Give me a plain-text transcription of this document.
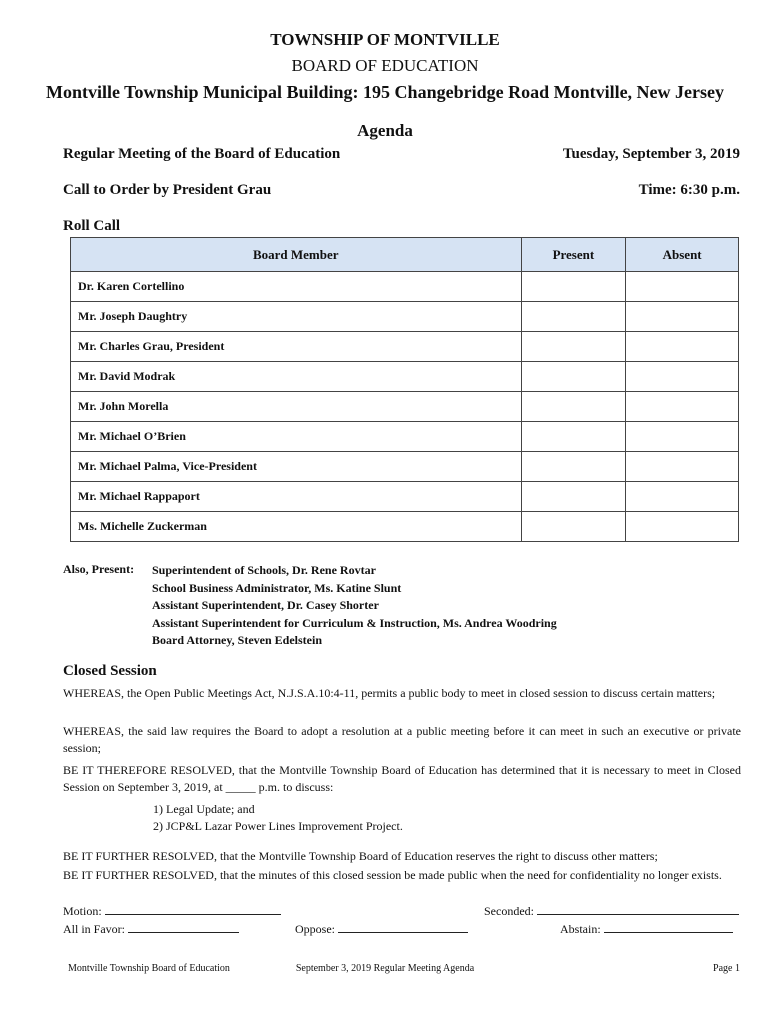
TOWNSHIP OF MONTVILLE
BOARD OF EDUCATION
Montville Township Municipal Building: 195 Changebridge Road Montville, New Jersey
Agenda
Regular Meeting of the Board of Education	Tuesday, September 3, 2019
Call to Order by President Grau	Time: 6:30 p.m.
Roll Call
Board Member	Present	Absent
Dr. Karen Cortellino		
Mr. Joseph Daughtry		
Mr. Charles Grau, President		
Mr. David Modrak		
Mr. John Morella		
Mr. Michael O’Brien		
Mr. Michael Palma, Vice-President		
Mr. Michael Rappaport		
Ms. Michelle Zuckerman		
Also, Present: Superintendent of Schools, Dr. Rene Rovtar
School Business Administrator, Ms. Katine Slunt
Assistant Superintendent, Dr. Casey Shorter
Assistant Superintendent for Curriculum & Instruction, Ms. Andrea Woodring
Board Attorney, Steven Edelstein
Closed Session
WHEREAS, the Open Public Meetings Act, N.J.S.A.10:4-11, permits a public body to meet in closed session to discuss certain matters;
WHEREAS, the said law requires the Board to adopt a resolution at a public meeting before it can meet in such an executive or private session;
BE IT THEREFORE RESOLVED, that the Montville Township Board of Education has determined that it is necessary to meet in Closed Session on September 3, 2019, at _____ p.m. to discuss:
1) Legal Update; and
2) JCP&L Lazar Power Lines Improvement Project.
BE IT FURTHER RESOLVED, that the Montville Township Board of Education reserves the right to discuss other matters;
BE IT FURTHER RESOLVED, that the minutes of this closed session be made public when the need for confidentiality no longer exists.
Motion:	Seconded:
All in Favor:	Oppose:	Abstain:
Montville Township Board of Education	September 3, 2019 Regular Meeting Agenda	Page 1
